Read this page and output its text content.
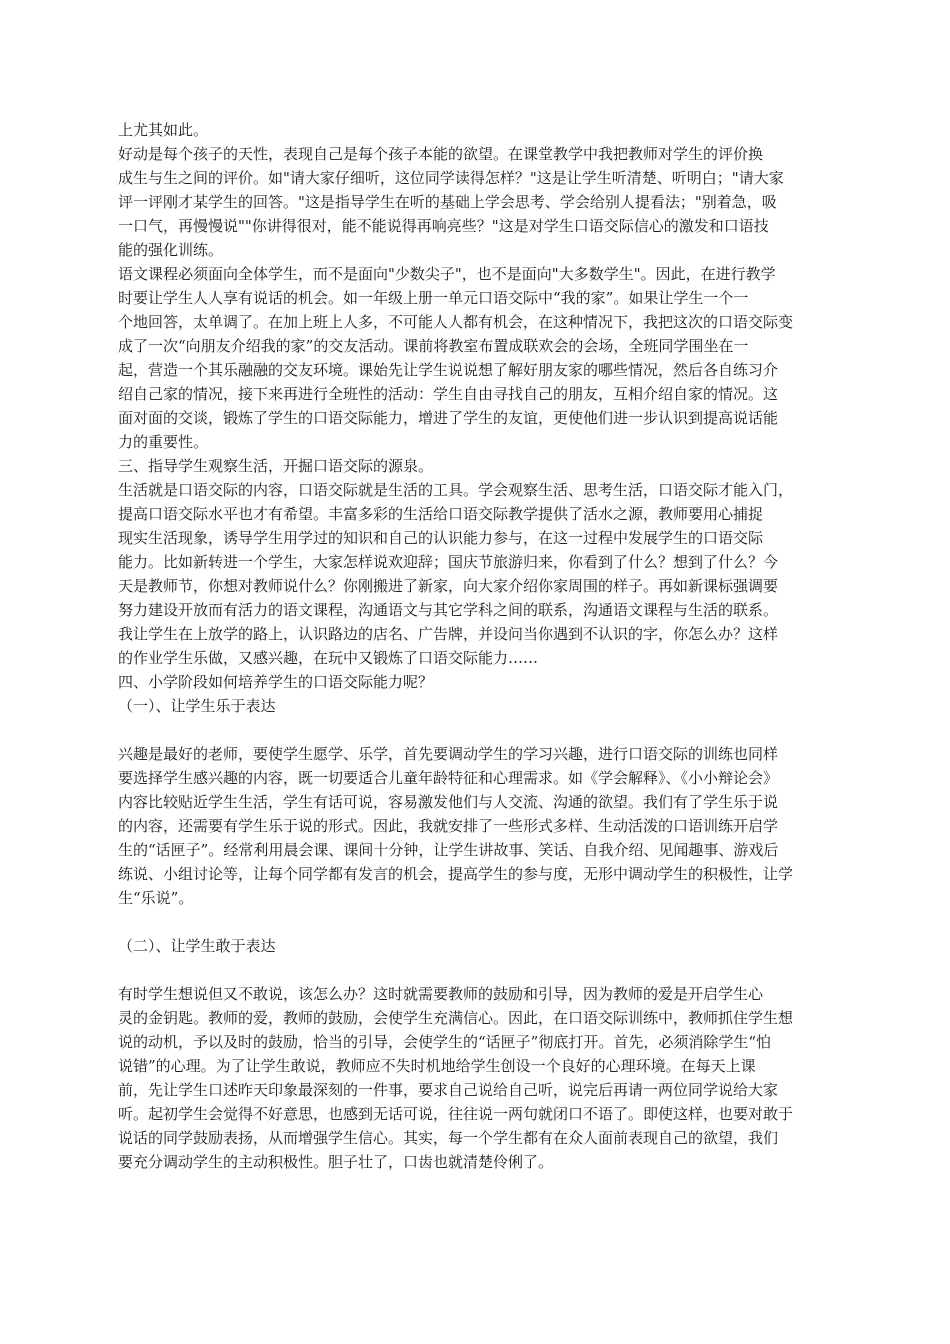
上尤其如此。
好动是每个孩子的天性，表现自己是每个孩子本能的欲望。在课堂教学中我把教师对学生的评价换
成生与生之间的评价。如"请大家仔细听，这位同学读得怎样？"这是让学生听清楚、听明白；"请大家
评一评刚才某学生的回答。"这是指导学生在听的基础上学会思考、学会给别人提看法；"别着急，吸
一口气，再慢慢说""你讲得很对，能不能说得再响亮些？"这是对学生口语交际信心的激发和口语技
能的强化训练。
语文课程必须面向全体学生，而不是面向"少数尖子"，也不是面向"大多数学生"。因此，在进行教学
时要让学生人人享有说话的机会。如一年级上册一单元口语交际中“我的家”。如果让学生一个一
个地回答，太单调了。在加上班上人多，不可能人人都有机会，在这种情况下，我把这次的口语交际变
成了一次“向朋友介绍我的家”的交友活动。课前将教室布置成联欢会的会场，全班同学围坐在一
起，营造一个其乐融融的交友环境。课始先让学生说说想了解好朋友家的哪些情况，然后各自练习介
绍自己家的情况，接下来再进行全班性的活动：学生自由寻找自己的朋友，互相介绍自家的情况。这
面对面的交谈，锻炼了学生的口语交际能力，增进了学生的友谊，更使他们进一步认识到提高说话能
力的重要性。
三、指导学生观察生活，开掘口语交际的源泉。
生活就是口语交际的内容，口语交际就是生活的工具。学会观察生活、思考生活，口语交际才能入门，
提高口语交际水平也才有希望。丰富多彩的生活给口语交际教学提供了活水之源，教师要用心捕捉
现实生活现象，诱导学生用学过的知识和自己的认识能力参与，在这一过程中发展学生的口语交际
能力。比如新转进一个学生，大家怎样说欢迎辞；国庆节旅游归来，你看到了什么？想到了什么？今
天是教师节，你想对教师说什么？你刚搬进了新家，向大家介绍你家周围的样子。再如新课标强调要
努力建设开放而有活力的语文课程，沟通语文与其它学科之间的联系，沟通语文课程与生活的联系。
我让学生在上放学的路上，认识路边的店名、广告牌，并设问当你遇到不认识的字，你怎么办？这样
的作业学生乐做，又感兴趣，在玩中又锻炼了口语交际能力……
四、小学阶段如何培养学生的口语交际能力呢？
（一）、让学生乐于表达
兴趣是最好的老师，要使学生愿学、乐学，首先要调动学生的学习兴趣，进行口语交际的训练也同样
要选择学生感兴趣的内容，既一切要适合儿童年龄特征和心理需求。如《学会解释》、《小小辩论会》
内容比较贴近学生生活，学生有话可说，容易激发他们与人交流、沟通的欲望。我们有了学生乐于说
的内容，还需要有学生乐于说的形式。因此，我就安排了一些形式多样、生动活泼的口语训练开启学
生的“话匣子”。经常利用晨会课、课间十分钟，让学生讲故事、笑话、自我介绍、见闻趣事、游戏后
练说、小组讨论等，让每个同学都有发言的机会，提高学生的参与度，无形中调动学生的积极性，让学
生“乐说”。
（二）、让学生敢于表达
有时学生想说但又不敢说，该怎么办？这时就需要教师的鼓励和引导，因为教师的爱是开启学生心
灵的金钥匙。教师的爱，教师的鼓励，会使学生充满信心。因此，在口语交际训练中，教师抓住学生想
说的动机，予以及时的鼓励，恰当的引导，会使学生的“话匣子”彻底打开。首先，必须消除学生“怕
说错”的心理。为了让学生敢说，教师应不失时机地给学生创设一个良好的心理环境。在每天上课
前，先让学生口述昨天印象最深刻的一件事，要求自己说给自己听，说完后再请一两位同学说给大家
听。起初学生会觉得不好意思，也感到无话可说，往往说一两句就闭口不语了。即使这样，也要对敢于
说话的同学鼓励表扬，从而增强学生信心。其实，每一个学生都有在众人面前表现自己的欲望，我们
要充分调动学生的主动积极性。胆子壮了，口齿也就清楚伶俐了。
